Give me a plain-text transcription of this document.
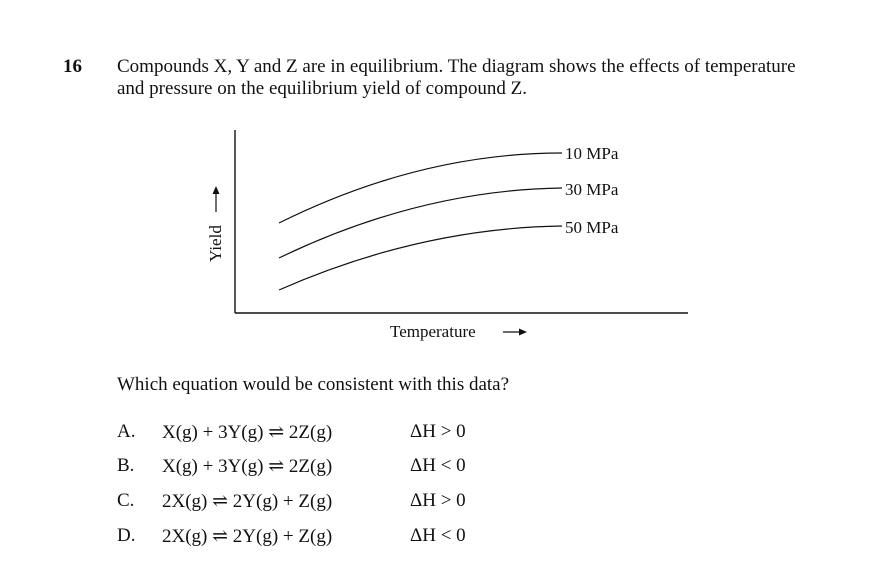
16 Compounds X, Y and Z are in equilibrium. The diagram shows the effects of temperature
and pressure on the equilibrium yield of compound Z.
10 MPa
30 MPa
50 MPa
Yield
Temperature
Which equation would be consistent with this data?
A. X(g) + 3Y(g) ⇌ 2Z(g)	ΔH > 0
B. X(g) + 3Y(g) ⇌ 2Z(g)	ΔH < 0
C. 2X(g) ⇌ 2Y(g) + Z(g)	ΔH > 0
D. 2X(g) ⇌ 2Y(g) + Z(g)	ΔH < 0
